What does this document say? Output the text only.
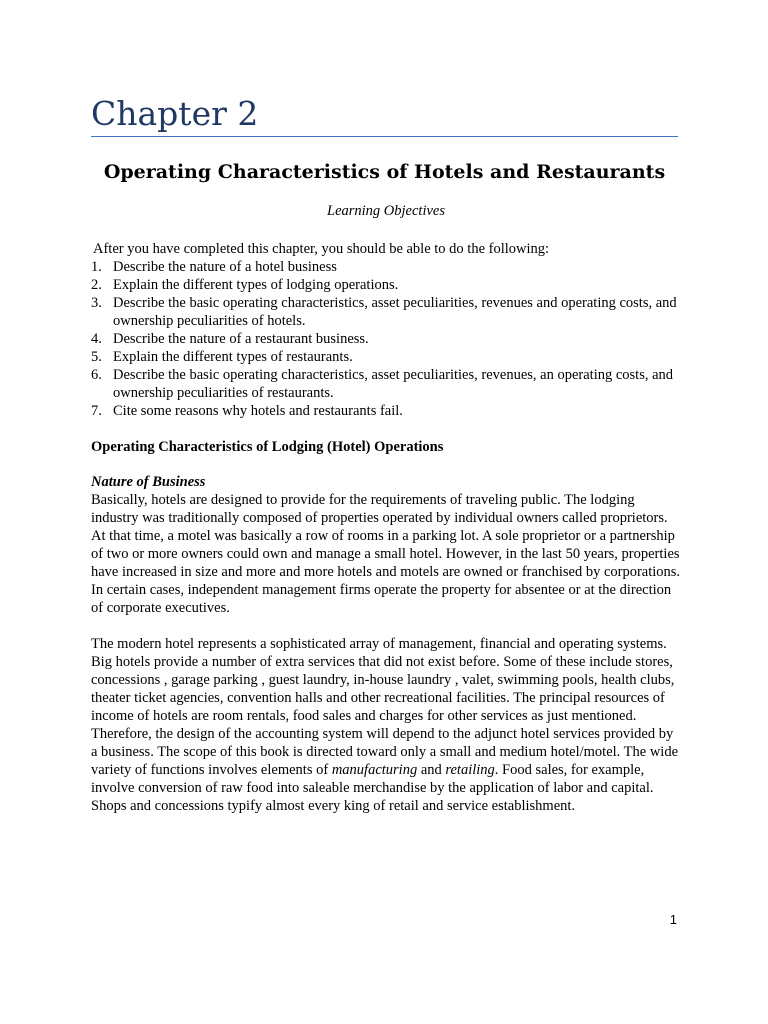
Chapter 2
Operating Characteristics of Hotels and Restaurants

Learning Objectives

After you have completed this chapter, you should be able to do the following:

1. Describe the nature of a hotel business
2. Explain the different types of lodging operations.
3. Describe the basic operating characteristics, asset peculiarities, revenues and operating costs, and ownership peculiarities of hotels.
4. Describe the nature of a restaurant business.
5. Explain the different types of restaurants.
6. Describe the basic operating characteristics, asset peculiarities, revenues, an operating costs, and ownership peculiarities of restaurants.
7. Cite some reasons why hotels and restaurants fail.

Operating Characteristics of Lodging (Hotel) Operations

Nature of Business

Basically, hotels are designed to provide for the requirements of traveling public. The lodging industry was traditionally composed of properties operated by individual owners called proprietors. At that time, a motel was basically a row of rooms in a parking lot. A sole proprietor or a partnership of two or more owners could own and manage a small hotel. However, in the last 50 years, properties have increased in size and more and more hotels and motels are owned or franchised by corporations. In certain cases, independent management firms operate the property for absentee or at the direction of corporate executives.

The modern hotel represents a sophisticated array of management, financial and operating systems. Big hotels provide a number of extra services that did not exist before. Some of these include stores, concessions , garage parking , guest laundry, in-house laundry , valet, swimming pools, health clubs, theater ticket agencies, convention halls and other recreational facilities. The principal resources of income of hotels are room rentals, food sales and charges for other services as just mentioned. Therefore, the design of the accounting system will depend to the adjunct hotel services provided by a business. The scope of this book is directed toward only a small and medium hotel/motel. The wide variety of functions involves elements of manufacturing and retailing. Food sales, for example, involve conversion of raw food into saleable merchandise by the application of labor and capital. Shops and concessions typify almost every king of retail and service establishment.

1
